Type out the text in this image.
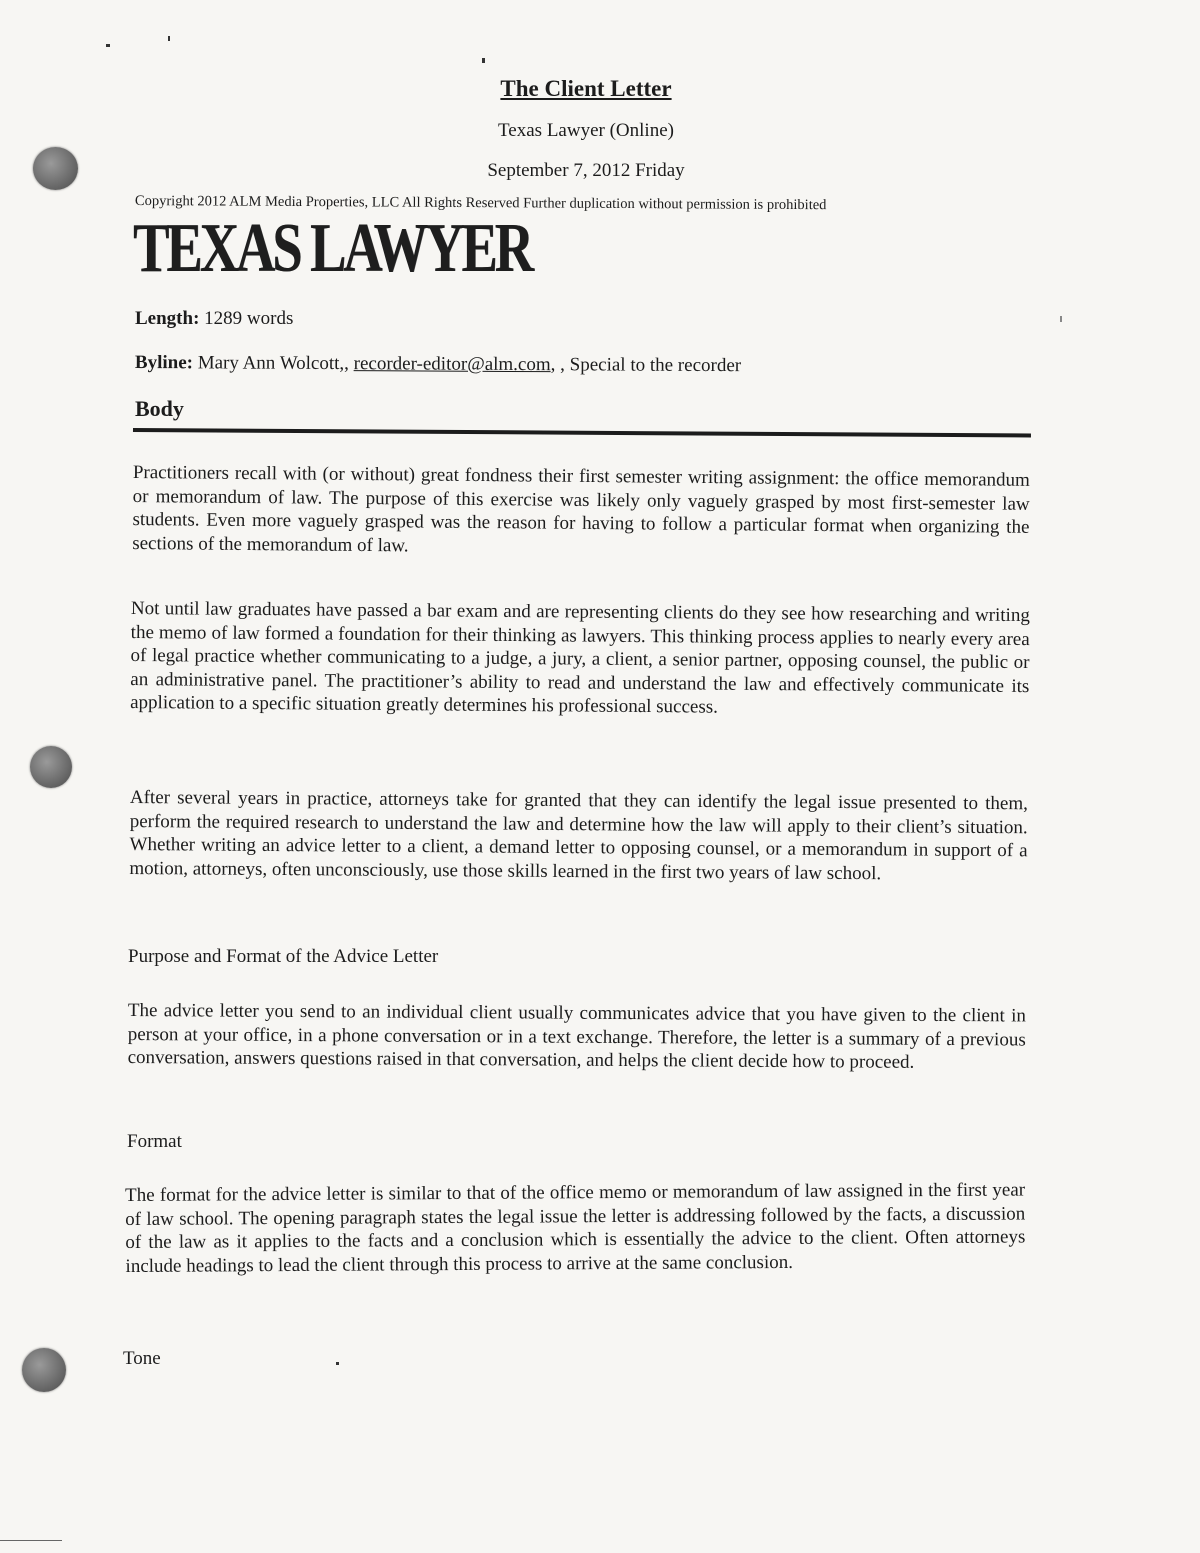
The Client Letter
Texas Lawyer (Online)
September 7, 2012 Friday
Copyright 2012 ALM Media Properties, LLC All Rights Reserved Further duplication without permission is prohibited
TEXAS LAWYER
Length: 1289 words
Byline: Mary Ann Wolcott,, recorder-editor@alm.com, , Special to the recorder
Body
Practitioners recall with (or without) great fondness their first semester writing assignment: the office memorandum or memorandum of law. The purpose of this exercise was likely only vaguely grasped by most first-semester law students. Even more vaguely grasped was the reason for having to follow a particular format when organizing the sections of the memorandum of law.
Not until law graduates have passed a bar exam and are representing clients do they see how researching and writing the memo of law formed a foundation for their thinking as lawyers. This thinking process applies to nearly every area of legal practice whether communicating to a judge, a jury, a client, a senior partner, opposing counsel, the public or an administrative panel. The practitioner’s ability to read and understand the law and effectively communicate its application to a specific situation greatly determines his professional success.
After several years in practice, attorneys take for granted that they can identify the legal issue presented to them, perform the required research to understand the law and determine how the law will apply to their client’s situation. Whether writing an advice letter to a client, a demand letter to opposing counsel, or a memorandum in support of a motion, attorneys, often unconsciously, use those skills learned in the first two years of law school.
Purpose and Format of the Advice Letter
The advice letter you send to an individual client usually communicates advice that you have given to the client in person at your office, in a phone conversation or in a text exchange. Therefore, the letter is a summary of a previous conversation, answers questions raised in that conversation, and helps the client decide how to proceed.
Format
The format for the advice letter is similar to that of the office memo or memorandum of law assigned in the first year of law school. The opening paragraph states the legal issue the letter is addressing followed by the facts, a discussion of the law as it applies to the facts and a conclusion which is essentially the advice to the client. Often attorneys include headings to lead the client through this process to arrive at the same conclusion.
Tone
